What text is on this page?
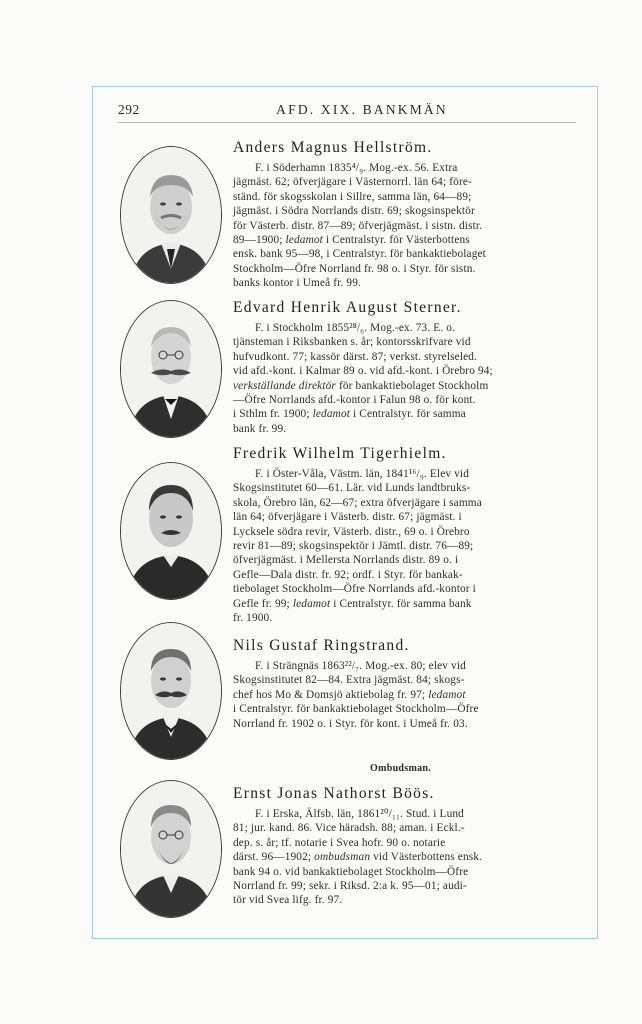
292	AFD. XIX. BANKMÄN
Anders Magnus Hellström.
F. i Söderhamn 1835⁴/₉. Mog.-ex. 56. Extra
jägmäst. 62; öfverjägare i Västernorrl. län 64; före-
ständ. för skogsskolan i Sillre, samma län, 64—89;
jägmäst. i Södra Norrlands distr. 69; skogsinspektör
för Västerb. distr. 87—89; öfverjägmäst. i sistn. distr.
89—1900; ledamot i Centralstyr. för Västerbottens
ensk. bank 95—98, i Centralstyr. för bankaktiebolaget
Stockholm—Öfre Norrland fr. 98 o. i Styr. för sistn.
banks kontor i Umeå fr. 99.
Edvard Henrik August Sterner.
F. i Stockholm 1855²⁸/₆. Mog.-ex. 73. E. o.
tjänsteman i Riksbanken s. år; kontorsskrifvare vid
hufvudkont. 77; kassör därst. 87; verkst. styrelseled.
vid afd.-kont. i Kalmar 89 o. vid afd.-kont. i Örebro 94;
verkställande direktör för bankaktiebolaget Stockholm
—Öfre Norrlands afd.-kontor i Falun 98 o. för kont.
i Sthlm fr. 1900; ledamot i Centralstyr. för samma
bank fr. 99.
Fredrik Wilhelm Tigerhielm.
F. i Öster-Våla, Västm. län, 1841¹⁶/₉. Elev vid
Skogsinstitutet 60—61. Lär. vid Lunds landtbruks-
skola, Örebro län, 62—67; extra öfverjägare i samma
län 64; öfverjägare i Västerb. distr. 67; jägmäst. i
Lycksele södra revir, Västerb. distr., 69 o. i Örebro
revir 81—89; skogsinspektör i Jämtl. distr. 76—89;
öfverjägmäst. i Mellersta Norrlands distr. 89 o. i
Gefle—Dala distr. fr. 92; ordf. i Styr. för bankak-
tiebolaget Stockholm—Öfre Norrlands afd.-kontor i
Gefle fr. 99; ledamot i Centralstyr. för samma bank
fr. 1900.
Nils Gustaf Ringstrand.
F. i Strängnäs 1863²²/₇. Mog.-ex. 80; elev vid
Skogsinstitutet 82—84. Extra jägmäst. 84; skogs-
chef hos Mo & Domsjö aktiebolag fr. 97; ledamot
i Centralstyr. för bankaktiebolaget Stockholm—Öfre
Norrland fr. 1902 o. i Styr. för kont. i Umeå fr. 03.
Ombudsman.
Ernst Jonas Nathorst Böös.
F. i Erska, Älfsb. län, 1861²⁰/₁₁. Stud. i Lund
81; jur. kand. 86. Vice häradsh. 88; aman. i Eckl.-
dep. s. år; tf. notarie i Svea hofr. 90 o. notarie
därst. 96—1902; ombudsman vid Västerbottens ensk.
bank 94 o. vid bankaktiebolaget Stockholm—Öfre
Norrland fr. 99; sekr. i Riksd. 2:a k. 95—01; audi-
tör vid Svea lifg. fr. 97.
